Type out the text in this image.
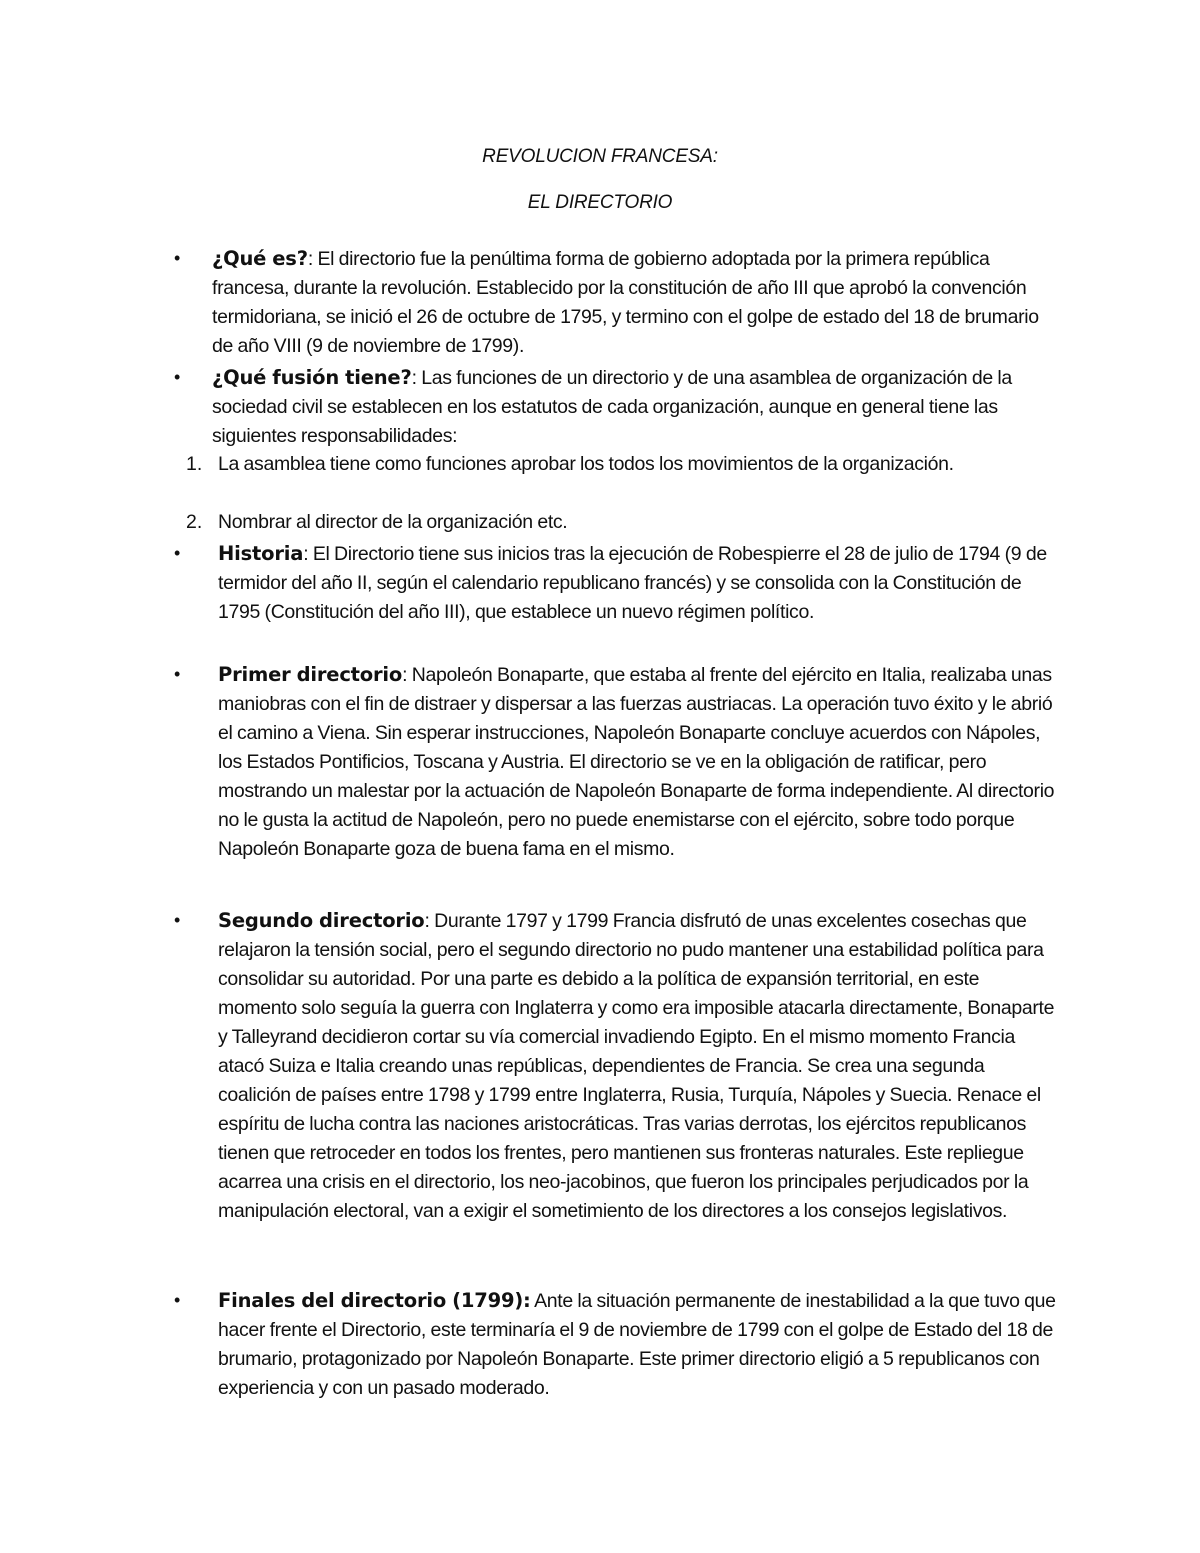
REVOLUCION FRANCESA:
EL DIRECTORIO
• ¿Qué es?: El directorio fue la penúltima forma de gobierno adoptada por la primera república francesa, durante la revolución. Establecido por la constitución de año III que aprobó la convención termidoriana, se inició el 26 de octubre de 1795, y termino con el golpe de estado del 18 de brumario de año VIII (9 de noviembre de 1799).
• ¿Qué fusión tiene?: Las funciones de un directorio y de una asamblea de organización de la sociedad civil se establecen en los estatutos de cada organización, aunque en general tiene las siguientes responsabilidades:
1. La asamblea tiene como funciones aprobar los todos los movimientos de la organización.
2. Nombrar al director de la organización etc.
• Historia: El Directorio tiene sus inicios tras la ejecución de Robespierre el 28 de julio de 1794 (9 de termidor del año II, según el calendario republicano francés) y se consolida con la Constitución de 1795 (Constitución del año III), que establece un nuevo régimen político.
• Primer directorio: Napoleón Bonaparte, que estaba al frente del ejército en Italia, realizaba unas maniobras con el fin de distraer y dispersar a las fuerzas austriacas. La operación tuvo éxito y le abrió el camino a Viena. Sin esperar instrucciones, Napoleón Bonaparte concluye acuerdos con Nápoles, los Estados Pontificios, Toscana y Austria. El directorio se ve en la obligación de ratificar, pero mostrando un malestar por la actuación de Napoleón Bonaparte de forma independiente. Al directorio no le gusta la actitud de Napoleón, pero no puede enemistarse con el ejército, sobre todo porque Napoleón Bonaparte goza de buena fama en el mismo.
• Segundo directorio: Durante 1797 y 1799 Francia disfrutó de unas excelentes cosechas que relajaron la tensión social, pero el segundo directorio no pudo mantener una estabilidad política para consolidar su autoridad. Por una parte es debido a la política de expansión territorial, en este momento solo seguía la guerra con Inglaterra y como era imposible atacarla directamente, Bonaparte y Talleyrand decidieron cortar su vía comercial invadiendo Egipto. En el mismo momento Francia atacó Suiza e Italia creando unas repúblicas, dependientes de Francia. Se crea una segunda coalición de países entre 1798 y 1799 entre Inglaterra, Rusia, Turquía, Nápoles y Suecia. Renace el espíritu de lucha contra las naciones aristocráticas. Tras varias derrotas, los ejércitos republicanos tienen que retroceder en todos los frentes, pero mantienen sus fronteras naturales. Este repliegue acarrea una crisis en el directorio, los neo-jacobinos, que fueron los principales perjudicados por la manipulación electoral, van a exigir el sometimiento de los directores a los consejos legislativos.
• Finales del directorio (1799): Ante la situación permanente de inestabilidad a la que tuvo que hacer frente el Directorio, este terminaría el 9 de noviembre de 1799 con el golpe de Estado del 18 de brumario, protagonizado por Napoleón Bonaparte. Este primer directorio eligió a 5 republicanos con experiencia y con un pasado moderado.
